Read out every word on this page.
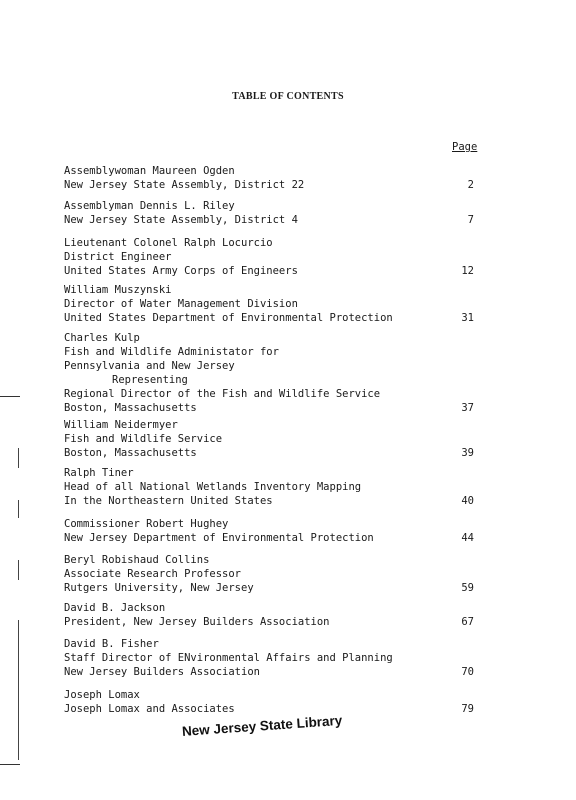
TABLE OF CONTENTS
Page
Assemblywoman Maureen Ogden
New Jersey State Assembly, District 22	2
Assemblyman Dennis L. Riley
New Jersey State Assembly, District 4	7
Lieutenant Colonel Ralph Locurcio
District Engineer
United States Army Corps of Engineers	12
William Muszynski
Director of Water Management Division
United States Department of Environmental Protection	31
Charles Kulp
Fish and Wildlife Administator for
Pennsylvania and New Jersey
Representing
Regional Director of the Fish and Wildlife Service
Boston, Massachusetts	37
William Neidermyer
Fish and Wildlife Service
Boston, Massachusetts	39
Ralph Tiner
Head of all National Wetlands Inventory Mapping
In the Northeastern United States	40
Commissioner Robert Hughey
New Jersey Department of Environmental Protection	44
Beryl Robishaud Collins
Associate Research Professor
Rutgers University, New Jersey	59
David B. Jackson
President, New Jersey Builders Association	67
David B. Fisher
Staff Director of ENvironmental Affairs and Planning
New Jersey Builders Association	70
Joseph Lomax
Joseph Lomax and Associates	79
New Jersey State Library
